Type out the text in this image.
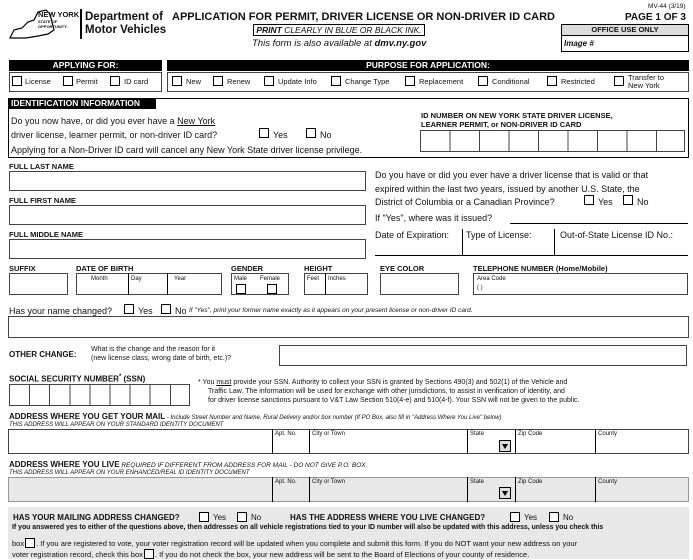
NEW YORK
STATE OF
OPPORTUNITY.
Department of
Motor Vehicles
APPLICATION FOR PERMIT, DRIVER LICENSE OR NON-DRIVER ID CARD
PRINT CLEARLY IN BLUE OR BLACK INK.
This form is also available at dmv.ny.gov
MV-44 (3/19)
PAGE 1 OF 3
OFFICE USE ONLY
Image #
APPLYING FOR:	PURPOSE FOR APPLICATION:
License	Permit	ID card	New	Renew	Update Info	Change Type	Replacement	Conditional	Restricted	Transfer to
New York
IDENTIFICATION INFORMATION
Do you now have, or did you ever have a New York
driver license, learner permit, or non-driver ID card?	Yes	No
Applying for a Non-Driver ID card will cancel any New York State driver license privilege.
ID NUMBER ON NEW YORK STATE DRIVER LICENSE,
LEARNER PERMIT, or NON-DRIVER ID CARD
FULL LAST NAME
FULL FIRST NAME
FULL MIDDLE NAME
Do you have or did you ever have a driver license that is valid or that
expired within the last two years, issued by another U.S. State, the
District of Columbia or a Canadian Province?	Yes	No
If "Yes", where was it issued?
Date of Expiration: Type of License:	Out-of-State License ID No.:
SUFFIX	DATE OF BIRTH
Month	Day	Year
GENDER
Male Female
HEIGHT
Feet Inches
EYE COLOR	TELEPHONE NUMBER (Home/Mobile)
Area Code
( )
Has your name changed?	Yes No If "Yes", print your former name exactly as it appears on your present license or non-driver ID card.
OTHER CHANGE:
What is the change and the reason for it
(new license class, wrong date of birth, etc.)?
SOCIAL SECURITY NUMBER* (SSN)	* You must provide your SSN. Authority to collect your SSN is granted by Sections 490(3) and 502(1) of the Vehicle and
Traffic Law. The information will be used for exchange with other jurisdictions, to assist in verification of identity, and
for driver license sanctions pursuant to V&T Law Section 510(4-e) and 510(4-f). Your SSN will not be given to the public.
ADDRESS WHERE YOU GET YOUR MAIL - Include Street Number and Name, Rural Delivery and/or box number (If PO Box, also fill in "Address Where You Live" below)
THIS ADDRESS WILL APPEAR ON YOUR STANDARD IDENTITY DOCUMENT
Apt. No.	City or Town	State	Zip Code	County
ADDRESS WHERE YOU LIVE REQUIRED IF DIFFERENT FROM ADDRESS FOR MAIL - DO NOT GIVE P.O. BOX.
THIS ADDRESS WILL APPEAR ON YOUR ENHANCED/REAL ID IDENTITY DOCUMENT
Apt. No.	City or Town	State	Zip Code	County
HAS YOUR MAILING ADDRESS CHANGED?	Yes	No	HAS THE ADDRESS WHERE YOU LIVE CHANGED?	Yes	No
If you answered yes to either of the questions above, then addresses on all vehicle registrations tied to your ID number will also be updated with this address, unless you check this
box . If you are registered to vote, your voter registration record will be updated when you complete and submit this form. If you do NOT want your new address on your
voter registration record, check this box . If you do not check the box, your new address will be sent to the Board of Elections of your county of residence.
